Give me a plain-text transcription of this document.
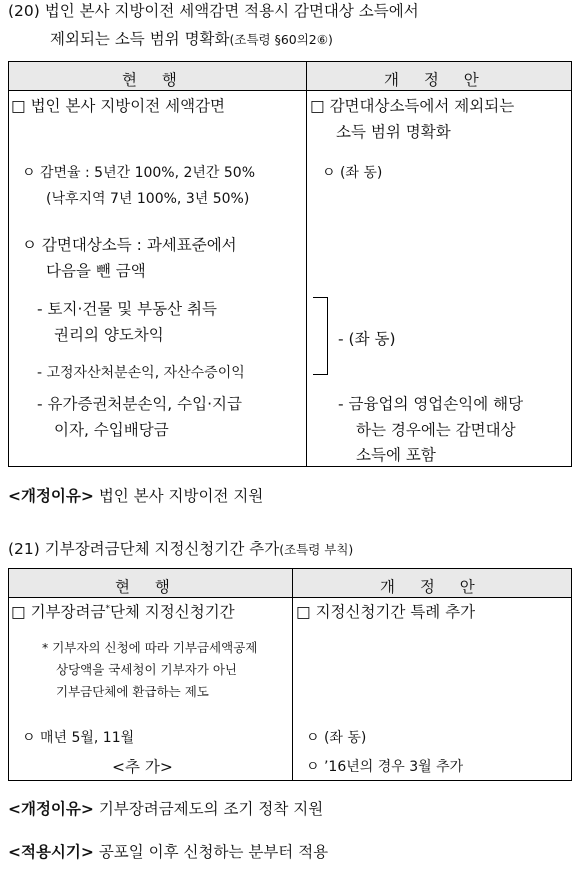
(20) 법인 본사 지방이전 세액감면 적용시 감면대상 소득에서
제외되는 소득 범위 명확화(조특령 §60의2⑥)
현 행	개 정 안
□ 법인 본사 지방이전 세액감면
ㅇ 감면율 : 5년간 100%, 2년간 50%
(낙후지역 7년 100%, 3년 50%)
ㅇ 감면대상소득 : 과세표준에서
다음을 뺀 금액
- 토지·건물 및 부동산 취득
권리의 양도차익
- 고정자산처분손익, 자산수증이익
- 유가증권처분손익, 수입·지급
이자, 수입배당금
□ 감면대상소득에서 제외되는
소득 범위 명확화
ㅇ (좌 동)
- (좌 동)
- 금융업의 영업손익에 해당
하는 경우에는 감면대상
소득에 포함
<개정이유> 법인 본사 지방이전 지원
(21) 기부장려금단체 지정신청기간 추가(조특령 부칙)
현 행	개 정 안
□ 기부장려금*단체 지정신청기간
* 기부자의 신청에 따라 기부금세액공제
상당액을 국세청이 기부자가 아닌
기부금단체에 환급하는 제도
ㅇ 매년 5월, 11월
<추 가>
□ 지정신청기간 특례 추가
ㅇ (좌 동)
ㅇ ’16년의 경우 3월 추가
<개정이유> 기부장려금제도의 조기 정착 지원
<적용시기> 공포일 이후 신청하는 분부터 적용
